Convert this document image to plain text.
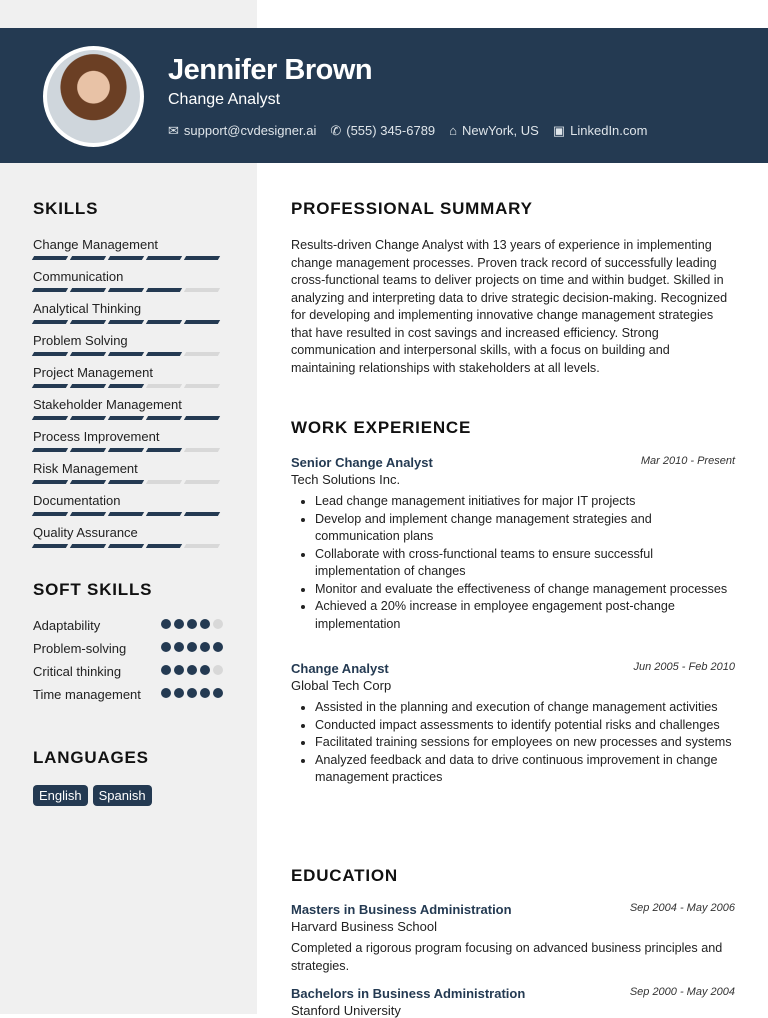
Jennifer Brown
Change Analyst
✉ support@cvdesigner.ai ✆ (555) 345-6789 ⌂ NewYork, US ▣ LinkedIn.com
SKILLS
Change Management
Communication
Analytical Thinking
Problem Solving
Project Management
Stakeholder Management
Process Improvement
Risk Management
Documentation
Quality Assurance
SOFT SKILLS
Adaptability
Problem-solving
Critical thinking
Time management
LANGUAGES
English	Spanish
PROFESSIONAL SUMMARY
Results-driven Change Analyst with 13 years of experience in implementing change management processes. Proven track record of successfully leading cross-functional teams to deliver projects on time and within budget. Skilled in analyzing and interpreting data to drive strategic decision-making. Recognized for developing and implementing innovative change management strategies that have resulted in cost savings and increased efficiency. Strong communication and interpersonal skills, with a focus on building and maintaining relationships with stakeholders at all levels.
WORK EXPERIENCE
Senior Change Analyst	Mar 2010 - Present
Tech Solutions Inc.
• Lead change management initiatives for major IT projects
• Develop and implement change management strategies and communication plans
• Collaborate with cross-functional teams to ensure successful implementation of changes
• Monitor and evaluate the effectiveness of change management processes
• Achieved a 20% increase in employee engagement post-change implementation
Change Analyst	Jun 2005 - Feb 2010
Global Tech Corp
• Assisted in the planning and execution of change management activities
• Conducted impact assessments to identify potential risks and challenges
• Facilitated training sessions for employees on new processes and systems
• Analyzed feedback and data to drive continuous improvement in change management practices
EDUCATION
Masters in Business Administration	Sep 2004 - May 2006
Harvard Business School
Completed a rigorous program focusing on advanced business principles and strategies.
Bachelors in Business Administration	Sep 2000 - May 2004
Stanford University
